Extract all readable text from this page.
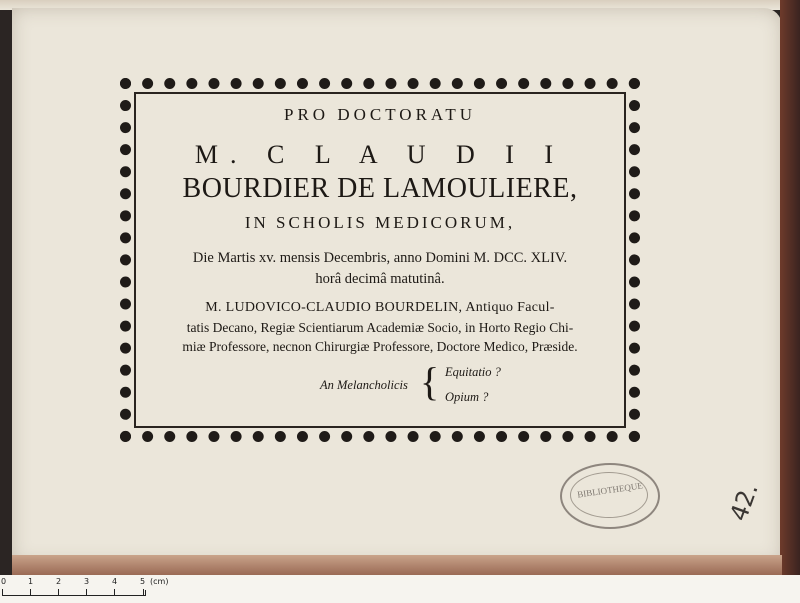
PRO DOCTORATU
M. C L A U D I I
BOURDIER DE LAMOULIERE,
IN SCHOLIS MEDICORUM,
Die Martis xv. mensis Decembris, anno Domini M. DCC. XLIV.
horâ decimâ matutinâ.
M. LUDOVICO-CLAUDIO BOURDELIN, Antiquo Facul-
tatis Decano, Regiæ Scientiarum Academiæ Socio, in Horto Regio Chi-
miæ Professore, necnon Chirurgiæ Professore, Doctore Medico, Præside.
An Melancholicis { Equitatio ?
Opium ?
BIBLIOTHEQUE	42.
0	1	2	3	4	5 (cm)
